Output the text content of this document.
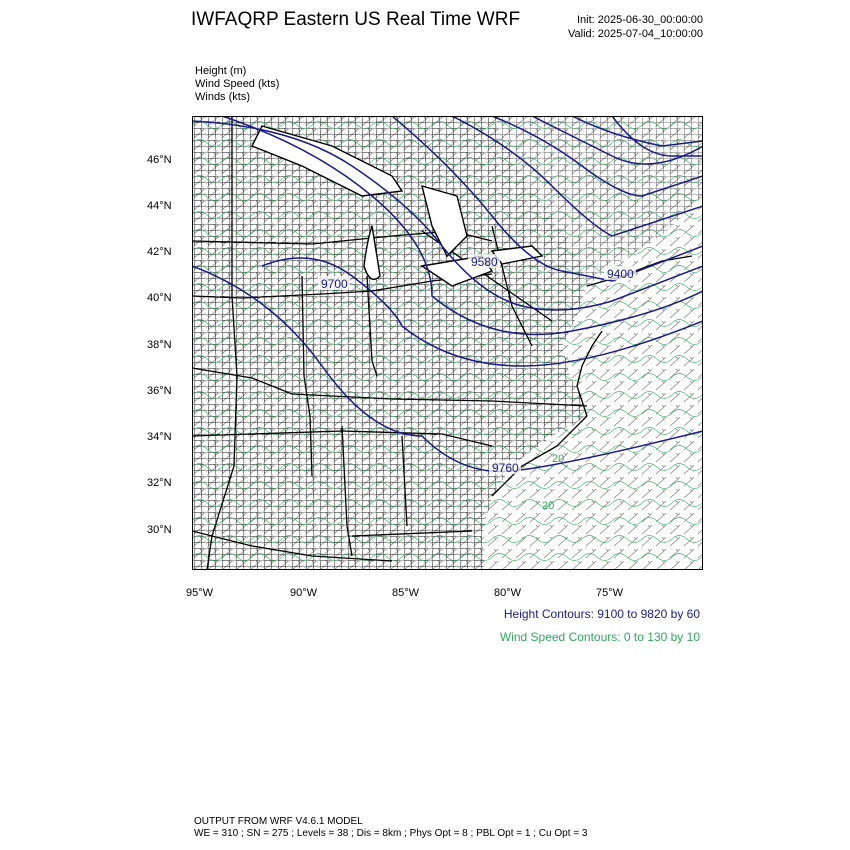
IWFAQRP Eastern US Real Time WRF	Init: 2025-06-30_00:00:00
Valid: 2025-07-04_10:00:00
Height (m)
Wind Speed (kts)
Winds (kts)
46°N
44°N
42°N
40°N
38°N
36°N
34°N
32°N
30°N
95°W	90°W	85°W	80°W	75°W
9700
9580
9400
9760
20
20
Height Contours: 9100 to 9820 by 60
Wind Speed Contours: 0 to 130 by 10
OUTPUT FROM WRF V4.6.1 MODEL
WE = 310 ; SN = 275 ; Levels = 38 ; Dis = 8km ; Phys Opt = 8 ; PBL Opt = 1 ; Cu Opt = 3
